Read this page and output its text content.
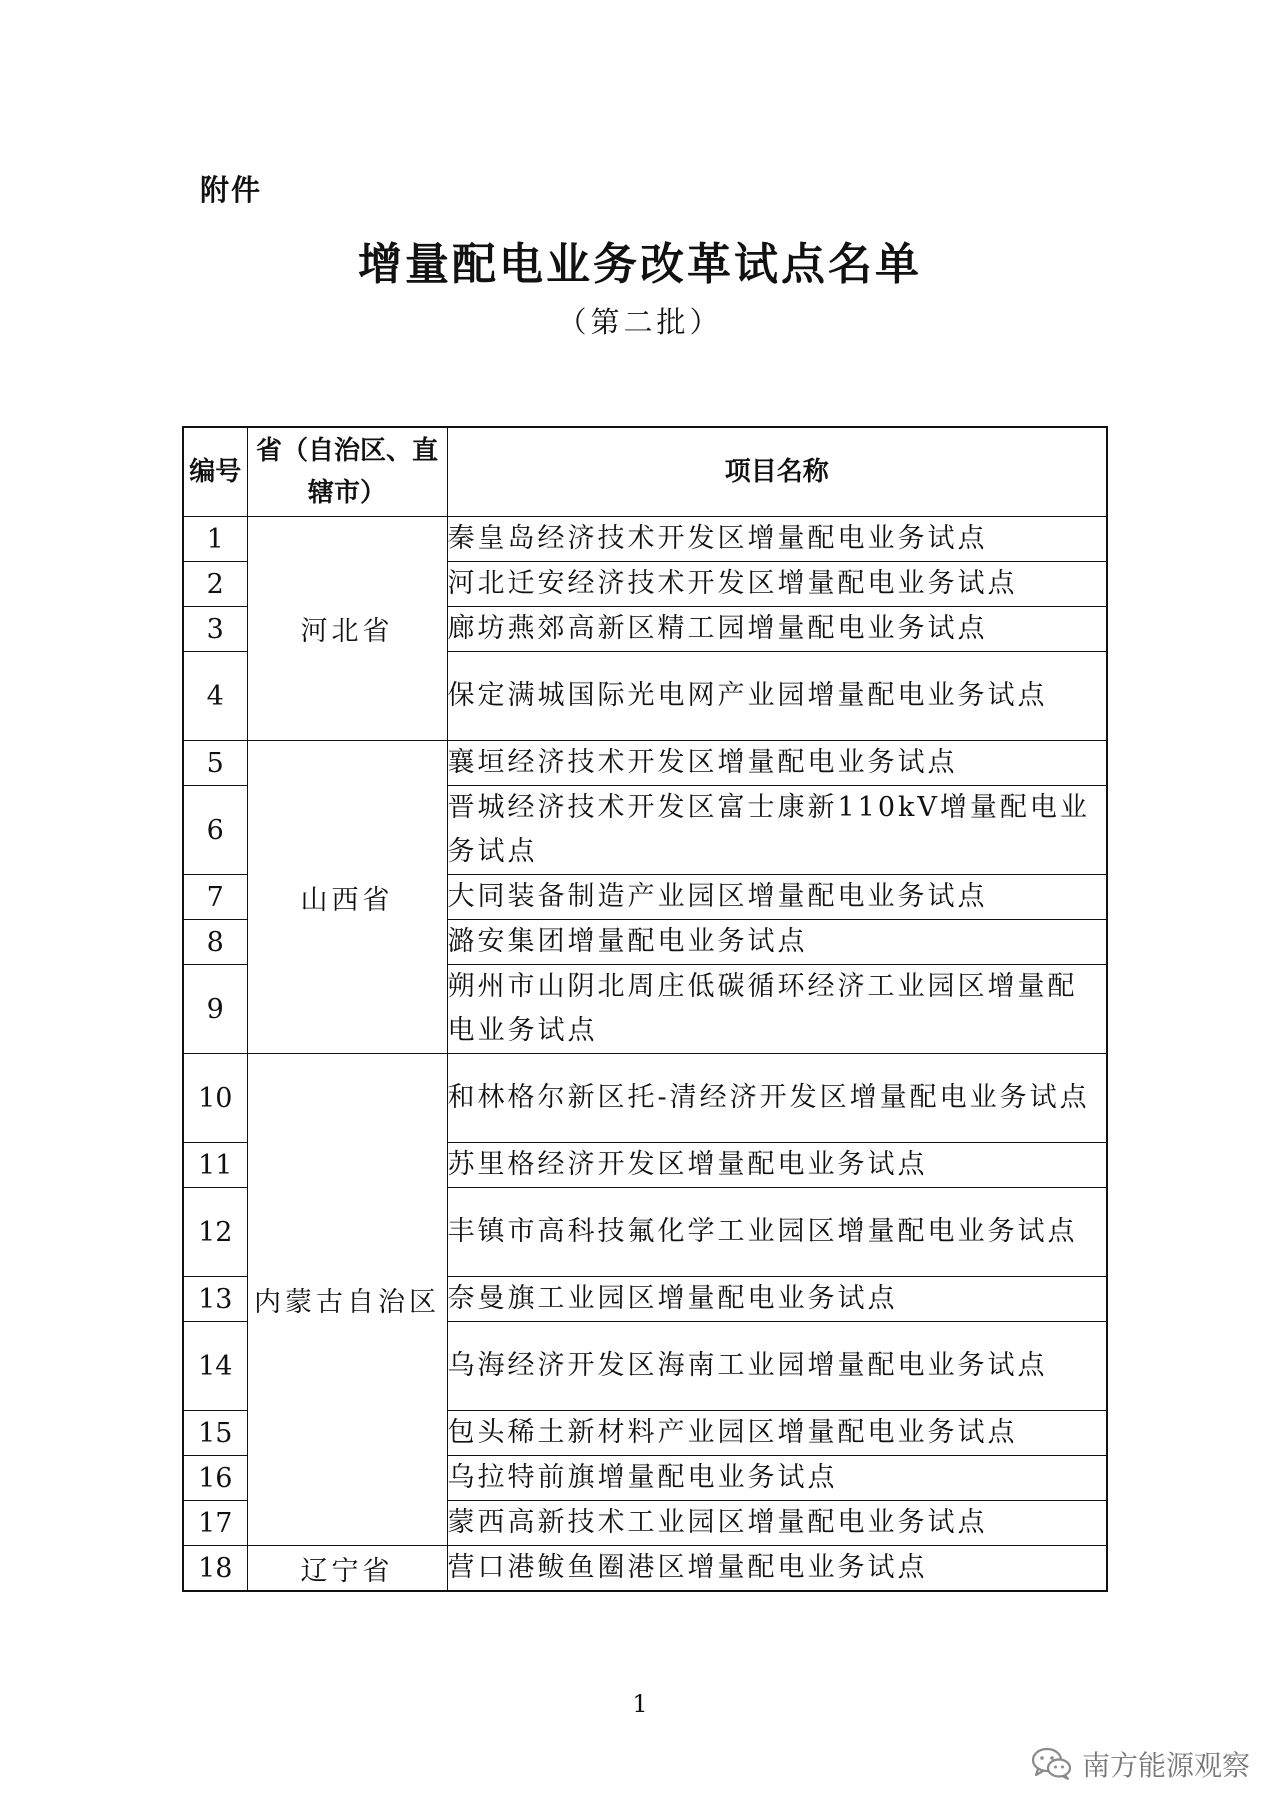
附件
增量配电业务改革试点名单
（第二批）
编号	省（自治区、直辖市）	项目名称
1	河北省	秦皇岛经济技术开发区增量配电业务试点
2		河北迁安经济技术开发区增量配电业务试点
3		廊坊燕郊高新区精工园增量配电业务试点
4		保定满城国际光电网产业园增量配电业务试点
5	山西省	襄垣经济技术开发区增量配电业务试点
6		晋城经济技术开发区富士康新110kV增量配电业务试点
7		大同装备制造产业园区增量配电业务试点
8		潞安集团增量配电业务试点
9		朔州市山阴北周庄低碳循环经济工业园区增量配电业务试点
10	内蒙古自治区	和林格尔新区托-清经济开发区增量配电业务试点
11		苏里格经济开发区增量配电业务试点
12		丰镇市高科技氟化学工业园区增量配电业务试点
13		奈曼旗工业园区增量配电业务试点
14		乌海经济开发区海南工业园增量配电业务试点
15		包头稀土新材料产业园区增量配电业务试点
16		乌拉特前旗增量配电业务试点
17		蒙西高新技术工业园区增量配电业务试点
18	辽宁省	营口港鲅鱼圈港区增量配电业务试点
1
南方能源观察
